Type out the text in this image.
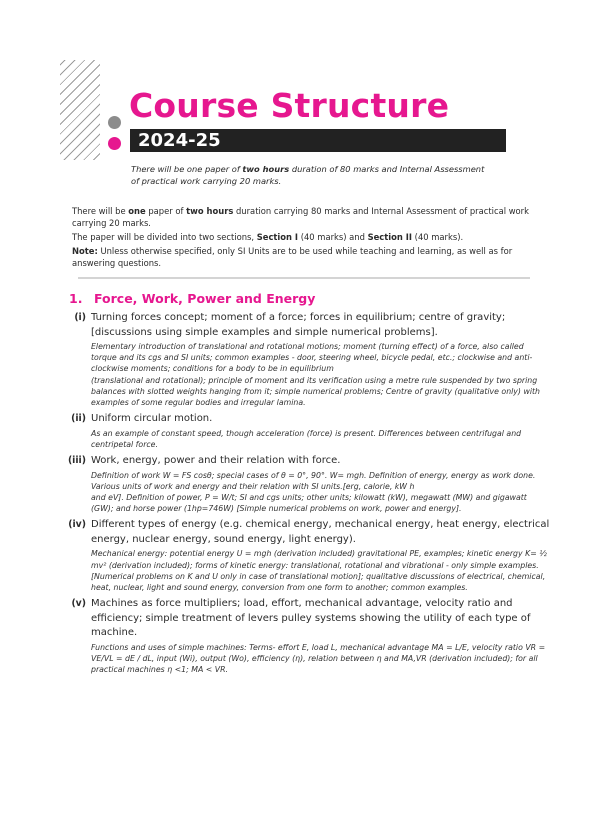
Course Structure
2024-25
There will be one paper of two hours duration of 80 marks and Internal Assessment of practical work carrying 20 marks.
There will be one paper of two hours duration carrying 80 marks and Internal Assessment of practical work carrying 20 marks.
The paper will be divided into two sections, Section I (40 marks) and Section II (40 marks).
Note: Unless otherwise specified, only SI Units are to be used while teaching and learning, as well as for answering questions.
1. Force, Work, Power and Energy
(i) Turning forces concept; moment of a force; forces in equilibrium; centre of gravity; [discussions using simple examples and simple numerical problems].
Elementary introduction of translational and rotational motions; moment (turning effect) of a force, also called torque and its cgs and SI units; common examples - door, steering wheel, bicycle pedal, etc.; clockwise and anti-clockwise moments; conditions for a body to be in equilibrium
(translational and rotational); principle of moment and its verification using a metre rule suspended by two spring balances with slotted weights hanging from it; simple numerical problems; Centre of gravity (qualitative only) with examples of some regular bodies and irregular lamina.
(ii) Uniform circular motion.
As an example of constant speed, though acceleration (force) is present. Differences between centrifugal and centripetal force.
(iii) Work, energy, power and their relation with force.
Definition of work W = FS cosθ; special cases of θ = 0°, 90°. W= mgh. Definition of energy, energy as work done. Various units of work and energy and their relation with SI units.[erg, calorie, kW h
and eV]. Definition of power, P = W/t; SI and cgs units; other units; kilowatt (kW), megawatt (MW) and gigawatt (GW); and horse power (1hp=746W) [Simple numerical problems on work, power and energy].
(iv) Different types of energy (e.g. chemical energy, mechanical energy, heat energy, electrical energy, nuclear energy, sound energy, light energy).
Mechanical energy: potential energy U = mgh (derivation included) gravitational PE, examples; kinetic energy K= ½ mv² (derivation included); forms of kinetic energy: translational, rotational and vibrational - only simple examples. [Numerical problems on K and U only in case of translational motion]; qualitative discussions of electrical, chemical, heat, nuclear, light and sound energy, conversion from one form to another; common examples.
(v) Machines as force multipliers; load, effort, mechanical advantage, velocity ratio and efficiency; simple treatment of levers pulley systems showing the utility of each type of machine.
Functions and uses of simple machines: Terms- effort E, load L, mechanical advantage MA = L/E, velocity ratio VR = VE/VL = dE / dL, input (Wi), output (Wo), efficiency (η), relation between η and MA,VR (derivation included); for all practical machines η <1; MA < VR.
